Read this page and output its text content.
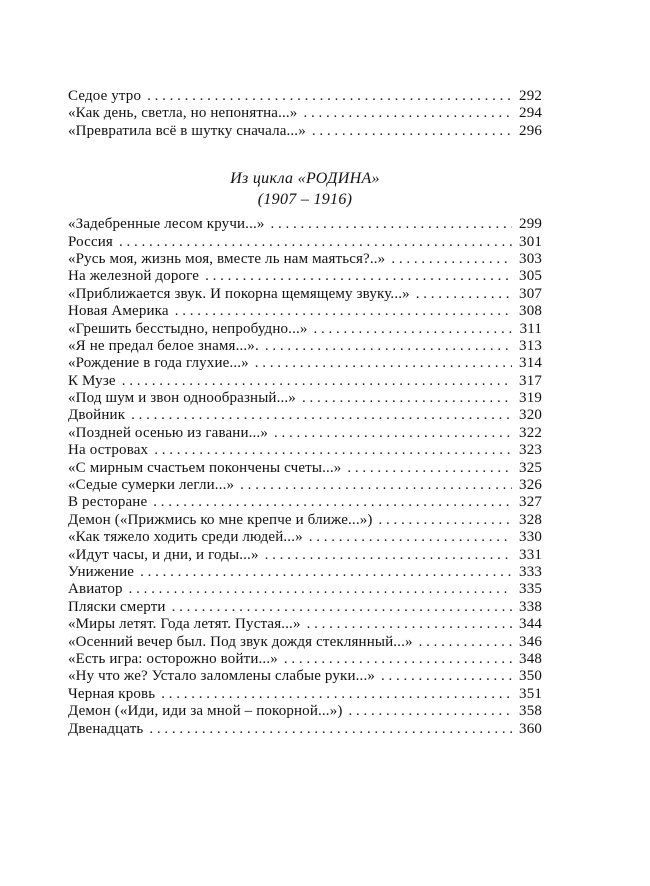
Седое утро . . .	292
«Как день, светла, но непонятна...» . . .	294
«Превратила всё в шутку сначала...» . . .	296

Из цикла «РОДИНА»

(1907 – 1916)

«Задебренные лесом кручи...» . . .	299
Россия . . .	301
«Русь моя, жизнь моя, вместе ль нам маяться?..» . . .	303
На железной дороге . . .	305
«Приближается звук. И покорна щемящему звуку...» . . .	307
Новая Америка . . .	308
«Грешить бесстыдно, непробудно...» . . .	311
«Я не предал белое знамя...». . . .	313
«Рождение в года глухие...» . . .	314
К Музе . . .	317
«Под шум и звон однообразный...» . . .	319
Двойник . . .	320
«Поздней осенью из гавани...» . . .	322
На островах . . .	323
«С мирным счастьем покончены счеты...» . . .	325
«Седые сумерки легли...» . . .	326
В ресторане . . .	327
Демон («Прижмись ко мне крепче и ближе...») . . .	328
«Как тяжело ходить среди людей...» . . .	330
«Идут часы, и дни, и годы...» . . .	331
Унижение . . .	333
Авиатор . . .	335
Пляски смерти . . .	338
«Миры летят. Года летят. Пустая...» . . .	344
«Осенний вечер был. Под звук дождя стеклянный...» . . .	346
«Есть игра: осторожно войти...» . . .	348
«Ну что же? Устало заломлены слабые руки...» . . .	350
Черная кровь . . .	351
Демон («Иди, иди за мной – покорной...») . . .	358
Двенадцать . . .	360
